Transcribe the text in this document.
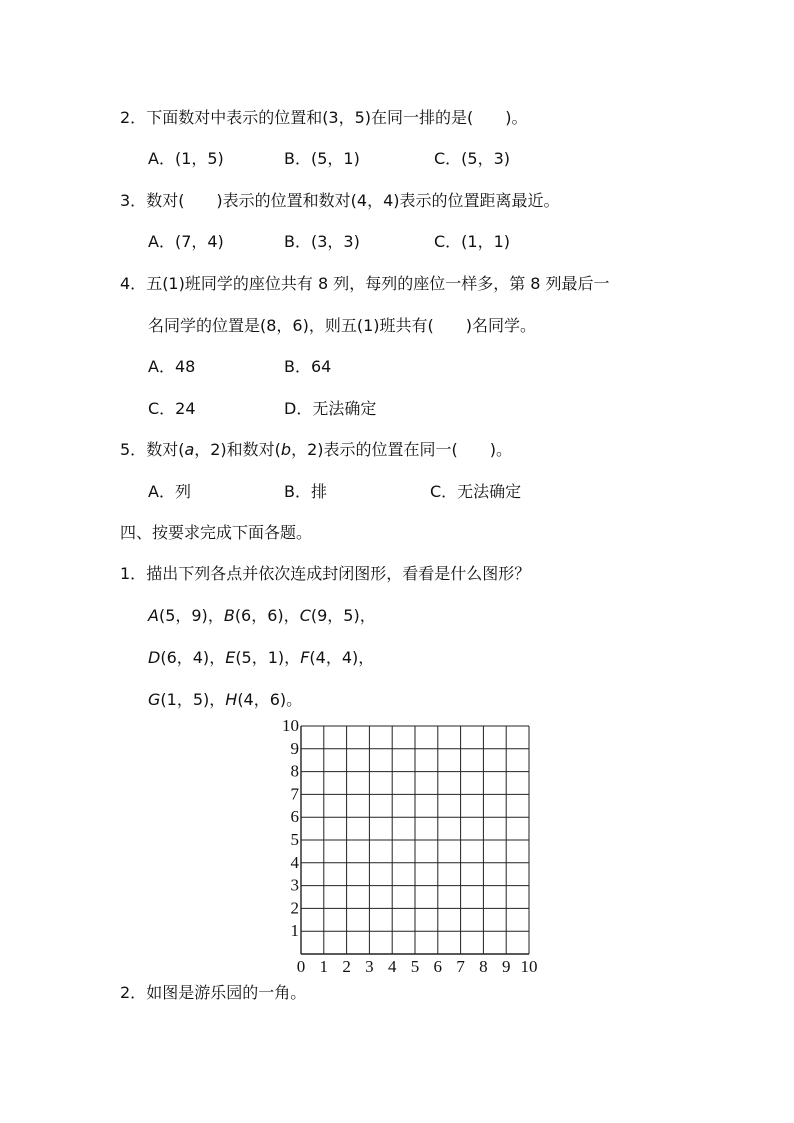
2．下面数对中表示的位置和(3，5)在同一排的是(　　)。
A．(1，5)	B．(5，1)	C．(5，3)
3．数对(　　)表示的位置和数对(4，4)表示的位置距离最近。
A．(7，4)	B．(3，3)	C．(1，1)
4．五(1)班同学的座位共有 8 列，每列的座位一样多，第 8 列最后一
名同学的位置是(8，6)，则五(1)班共有(　　)名同学。
A．48	B．64
C．24	D．无法确定
5．数对(a，2)和数对(b，2)表示的位置在同一(　　)。
A．列	B．排	C．无法确定
四、按要求完成下面各题。
1．描出下列各点并依次连成封闭图形，看看是什么图形？
A(5，9)，B(6，6)，C(9，5)，
D(6，4)，E(5，1)，F(4，4)，
G(1，5)，H(4，6)。
0 1 2 3 4 5 6 7 8 9 10
1
2
3
4
5
6
7
8
9
10
2．如图是游乐园的一角。
